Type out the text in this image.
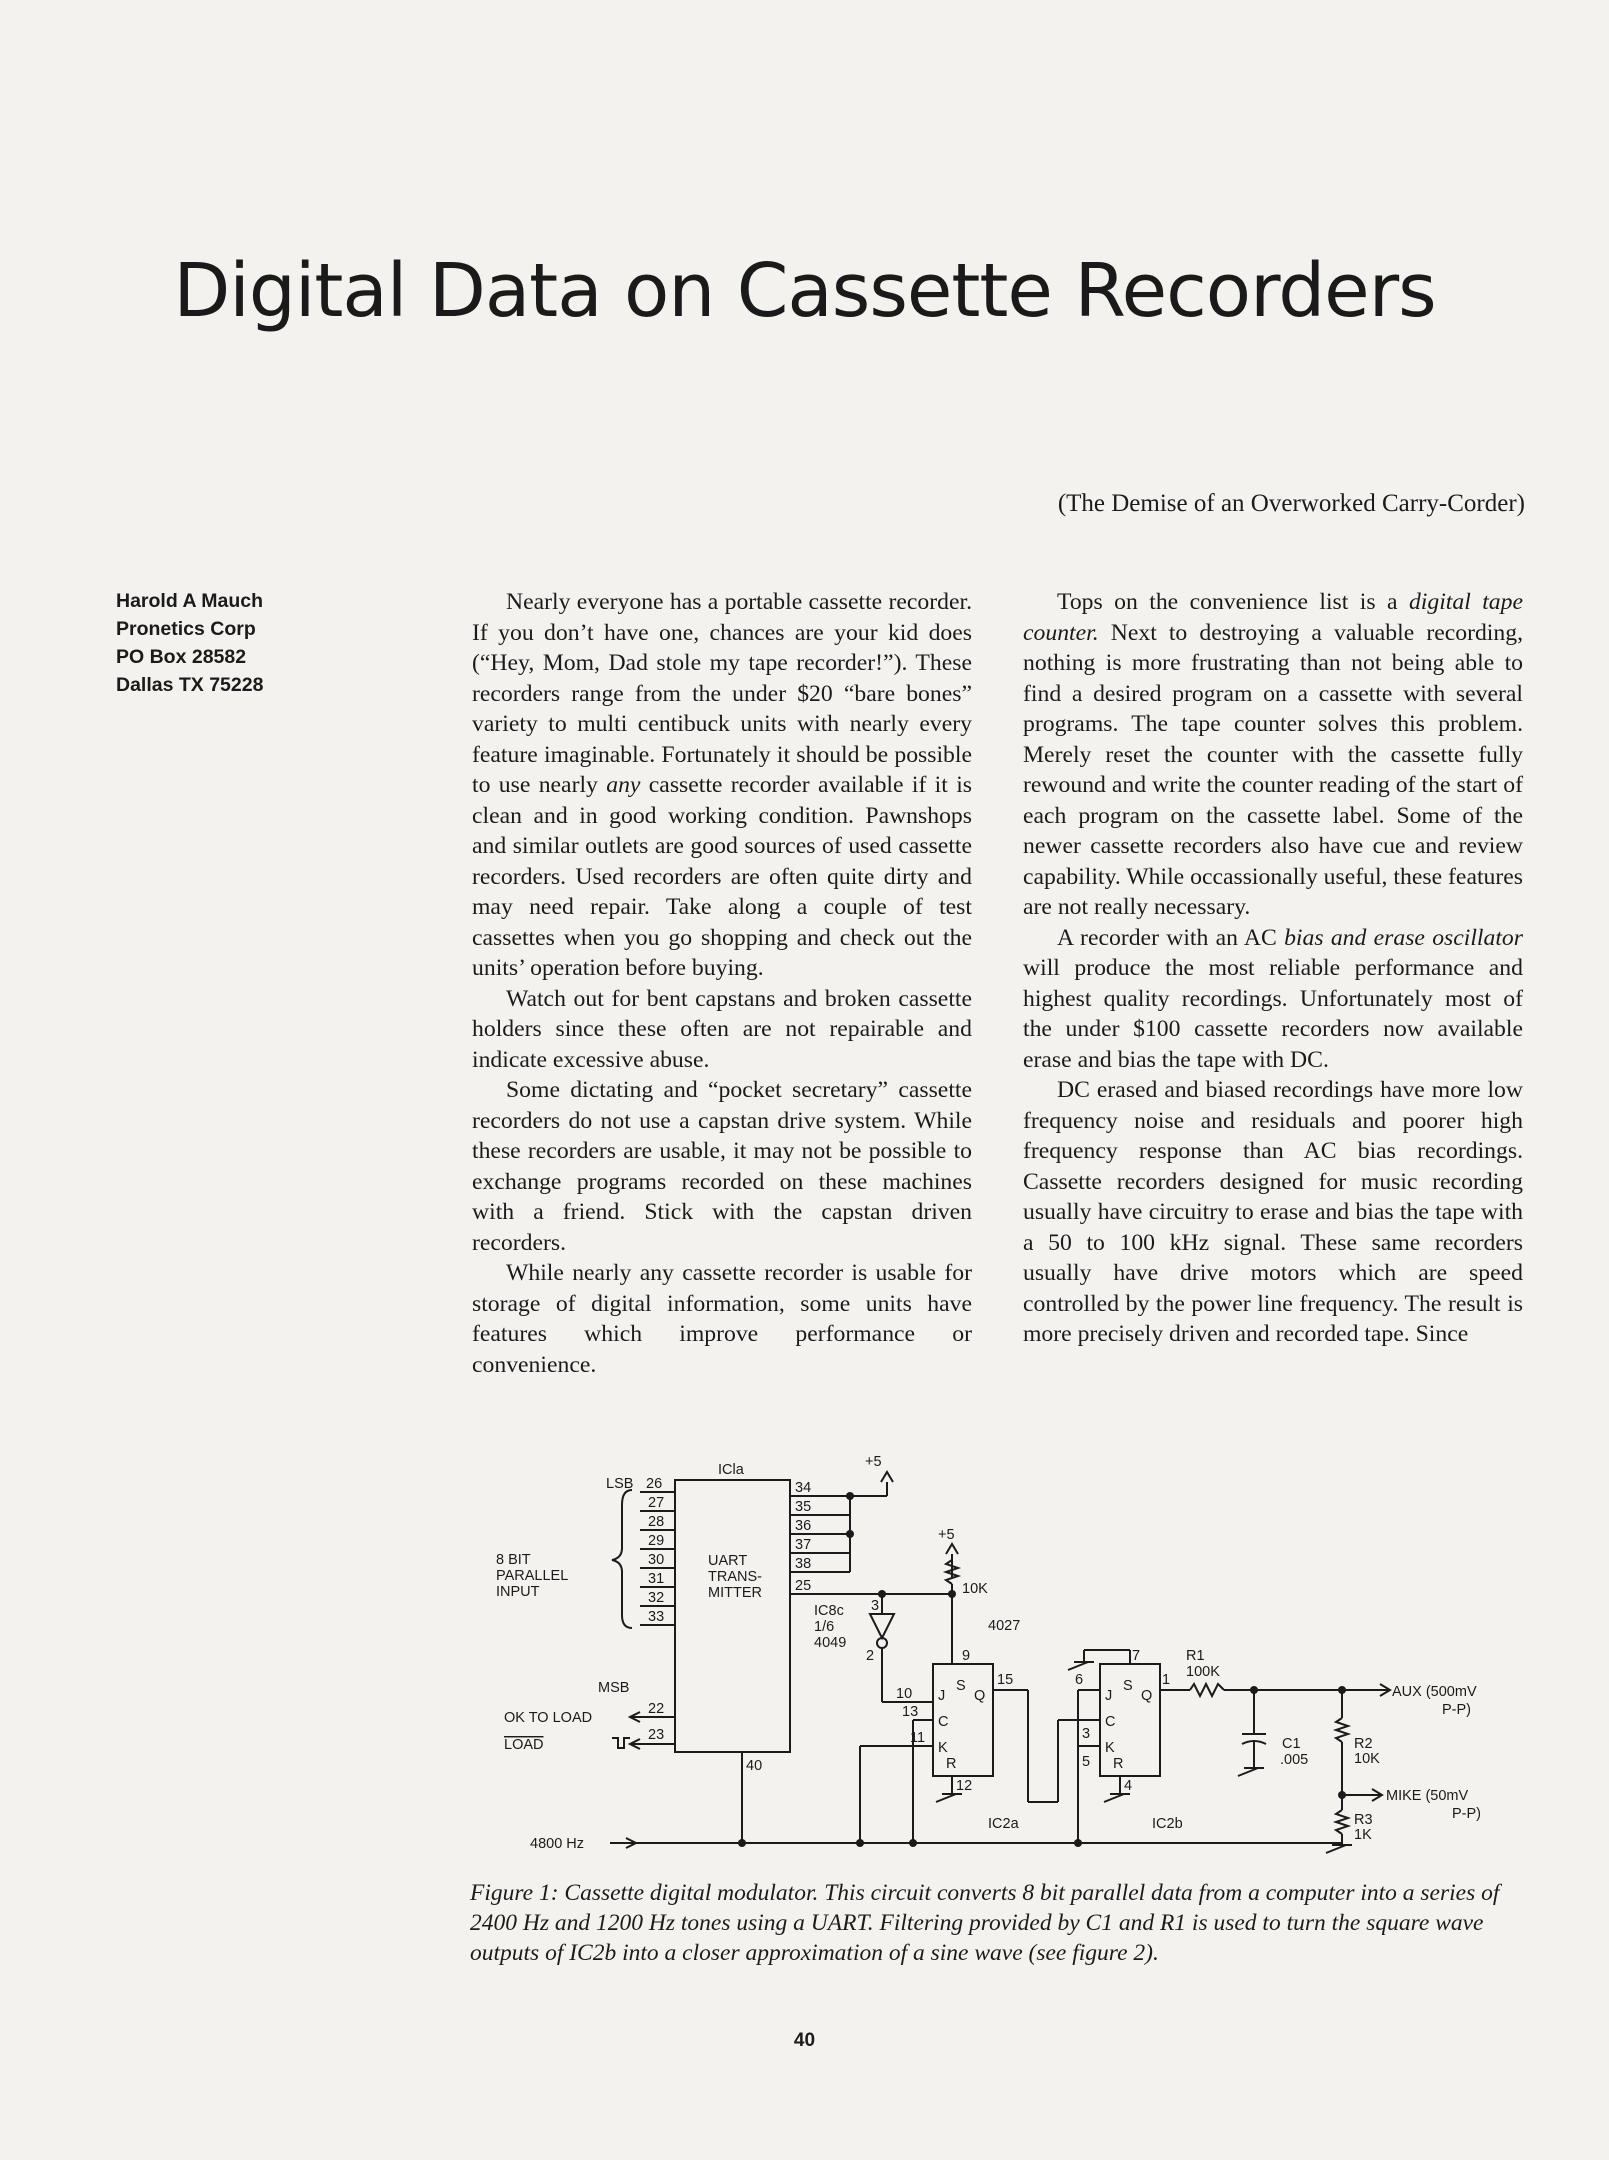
Digital Data on Cassette Recorders

(The Demise of an Overworked Carry-Corder)

Harold A Mauch
Pronetics Corp
PO Box 28582
Dallas TX 75228

Nearly everyone has a portable cassette recorder. If you don’t have one, chances are your kid does (“Hey, Mom, Dad stole my tape recorder!”). These recorders range from the under $20 “bare bones” variety to multi centibuck units with nearly every feature imaginable. Fortunately it should be possible to use nearly any cassette recorder available if it is clean and in good working condition. Pawnshops and similar outlets are good sources of used cassette recorders. Used recorders are often quite dirty and may need repair. Take along a couple of test cassettes when you go shopping and check out the units’ operation before buying.

Watch out for bent capstans and broken cassette holders since these often are not repairable and indicate excessive abuse.

Some dictating and “pocket secretary” cassette recorders do not use a capstan drive system. While these recorders are usable, it may not be possible to exchange programs recorded on these machines with a friend. Stick with the capstan driven recorders.

While nearly any cassette recorder is usable for storage of digital information, some units have features which improve performance or convenience.

Tops on the convenience list is a digital tape counter. Next to destroying a valuable recording, nothing is more frustrating than not being able to find a desired program on a cassette with several programs. The tape counter solves this problem. Merely reset the counter with the cassette fully rewound and write the counter reading of the start of each program on the cassette label. Some of the newer cassette recorders also have cue and review capability. While occassionally useful, these features are not really necessary.

A recorder with an AC bias and erase oscillator will produce the most reliable performance and highest quality recordings. Unfortunately most of the under $100 cassette recorders now available erase and bias the tape with DC.

DC erased and biased recordings have more low frequency noise and residuals and poorer high frequency response than AC bias recordings. Cassette recorders designed for music recording usually have circuitry to erase and bias the tape with a 50 to 100 kHz signal. These same recorders usually have drive motors which are speed controlled by the power line frequency. The result is more precisely driven and recorded tape. Since

ICla
UART
TRANS-
MITTER
LSB
MSB
26
27
28
29
30
31
32
33
8 BIT
PARALLEL
INPUT
22
23
OK TO LOAD
LOAD
40
4800 Hz
34
35
36
37
38
25
+5
+5
10K
IC8c
1/6
4049
3
2
4027
10
9
15
13
11
12
IC2a
J
S
Q
C
K
R
6
7
1
3
5
4
IC2b
J
S
Q
C
K
R
R1
100K
C1
.005
R2
10K
R3
1K
AUX (500mV
P-P)
MIKE (50mV
P-P)

Figure 1: Cassette digital modulator. This circuit converts 8 bit parallel data from a computer into a series of 2400 Hz and 1200 Hz tones using a UART. Filtering provided by C1 and R1 is used to turn the square wave outputs of IC2b into a closer approximation of a sine wave (see figure 2).

40
